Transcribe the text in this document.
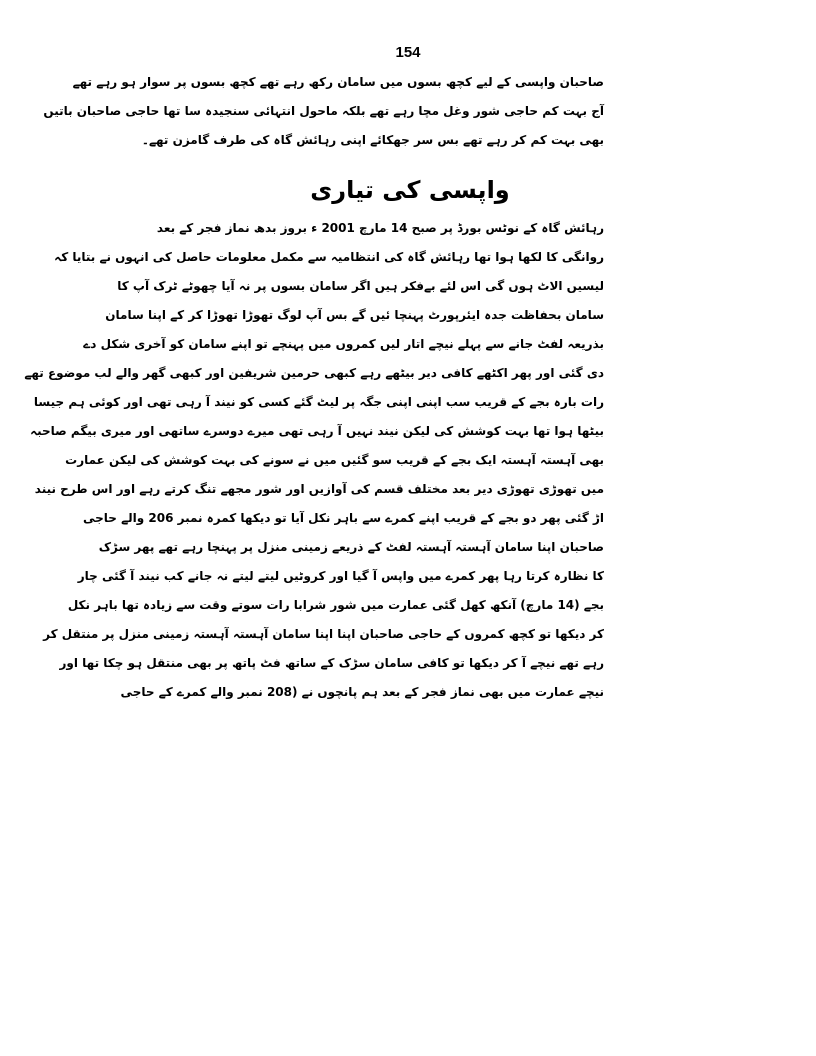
154
صاحبان واپسی کے لیے کچھ بسوں میں سامان رکھ رہے تھے کچھ بسوں پر سوار ہو رہے تھے
آج بہت کم حاجی شور وغل مچا رہے تھے بلکہ ماحول انتہائی سنجیدہ سا تھا حاجی صاحبان باتیں
بھی بہت کم کر رہے تھے بس سر جھکائے اپنی رہائش گاہ کی طرف گامزن تھے۔
واپسی کی تیاری
رہائش گاہ کے نوٹس بورڈ پر صبح 14 مارچ 2001 ء بروز بدھ نماز فجر کے بعد
روانگی کا لکھا ہوا تھا رہائش گاہ کی انتظامیہ سے مکمل معلومات حاصل کی انہوں نے بتایا کہ
لیسیں الاٹ ہوں گی اس لئے بےفکر ہیں اگر سامان بسوں پر نہ آیا چھوٹے ٹرک آپ کا
سامان بحفاظت جدہ ایئرپورٹ پہنچا ئیں گے بس آپ لوگ تھوڑا تھوڑا کر کے اپنا سامان
بذریعہ لفٹ جانے سے پہلے نیچے اتار لیں کمروں میں پہنچے تو اپنے سامان کو آخری شکل دے
دی گئی اور پھر اکٹھے کافی دیر بیٹھے رہے کبھی حرمین شریفین اور کبھی گھر والے لب موضوع تھے
رات بارہ بجے کے قریب سب اپنی اپنی جگہ پر لیٹ گئے کسی کو نیند آ رہی تھی اور کوئی ہم جیسا
بیٹھا ہوا تھا بہت کوشش کی لیکن نیند نہیں آ رہی تھی میرے دوسرے ساتھی اور میری بیگم صاحبہ
بھی آہستہ آہستہ ایک بجے کے قریب سو گئیں میں نے سونے کی بہت کوشش کی لیکن عمارت
میں تھوڑی تھوڑی دیر بعد مختلف قسم کی آوازیں اور شور مجھے تنگ کرتے رہے اور اس طرح نیند
اڑ گئی پھر دو بجے کے قریب اپنے کمرے سے باہر نکل آیا تو دیکھا کمرہ نمبر 206 والے حاجی
صاحبان اپنا سامان آہستہ آہستہ لفٹ کے ذریعے زمینی منزل پر پہنچا رہے تھے پھر سڑک
کا نظارہ کرتا رہا پھر کمرے میں واپس آ گیا اور کروٹیں لیتے لیتے نہ جانے کب نیند آ گئی چار
بجے (14 مارچ) آنکھ کھل گئی عمارت میں شور شرابا رات سوتے وقت سے زیادہ تھا باہر نکل
کر دیکھا تو کچھ کمروں کے حاجی صاحبان اپنا اپنا سامان آہستہ آہستہ زمینی منزل پر منتقل کر
رہے تھے نیچے آ کر دیکھا تو کافی سامان سڑک کے ساتھ فٹ پاتھ پر بھی منتقل ہو چکا تھا اور
نیچے عمارت میں بھی نماز فجر کے بعد ہم پانچوں نے (208 نمبر والے کمرے کے حاجی
